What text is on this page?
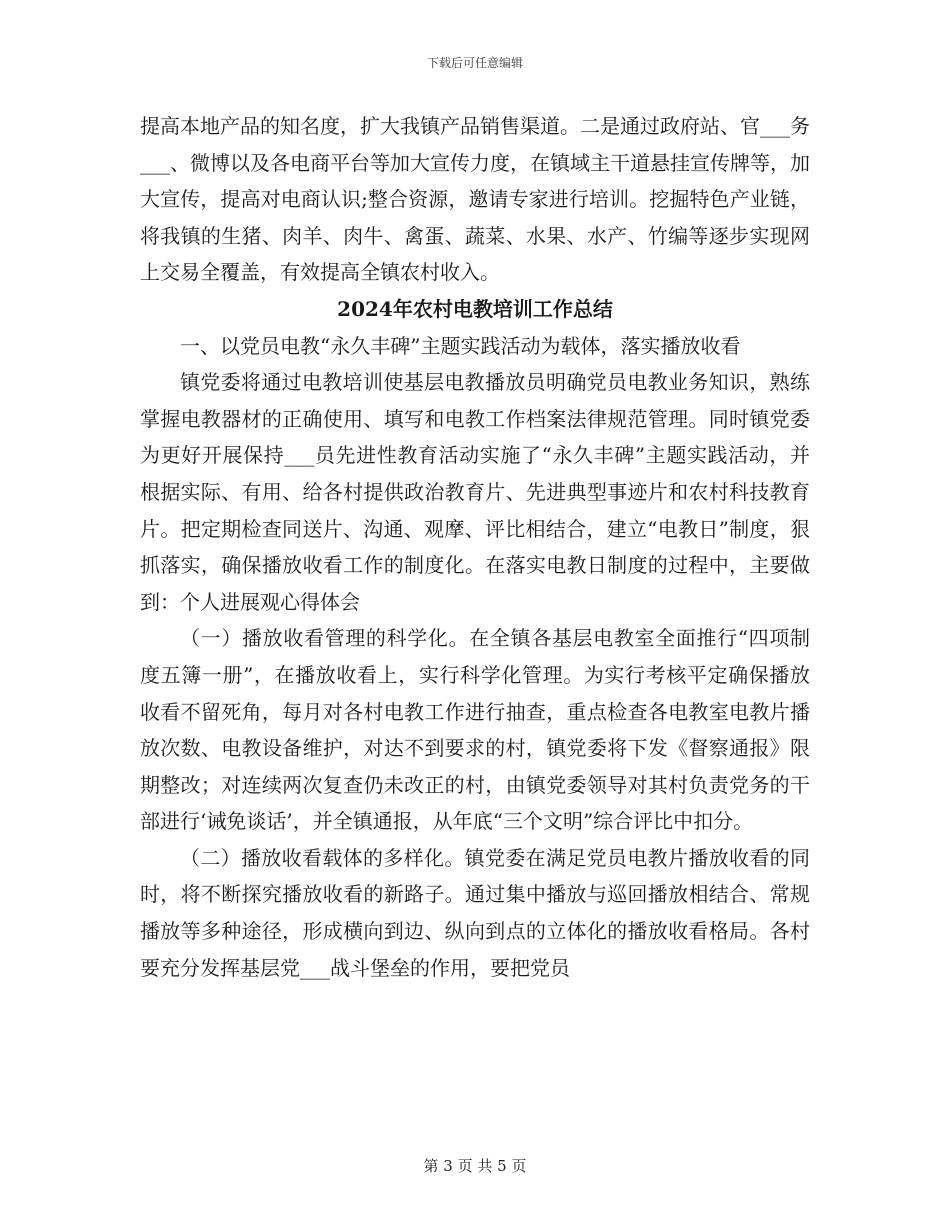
下载后可任意编辑

提高本地产品的知名度，扩大我镇产品销售渠道。二是通过政府站、官___务___、微博以及各电商平台等加大宣传力度，在镇域主干道悬挂宣传牌等，加大宣传，提高对电商认识;整合资源，邀请专家进行培训。挖掘特色产业链，将我镇的生猪、肉羊、肉牛、禽蛋、蔬菜、水果、水产、竹编等逐步实现网上交易全覆盖，有效提高全镇农村收入。

2024年农村电教培训工作总结

一、以党员电教“永久丰碑”主题实践活动为载体，落实播放收看

镇党委将通过电教培训使基层电教播放员明确党员电教业务知识，熟练掌握电教器材的正确使用、填写和电教工作档案法律规范管理。同时镇党委为更好开展保持___员先进性教育活动实施了“永久丰碑”主题实践活动，并根据实际、有用、给各村提供政治教育片、先进典型事迹片和农村科技教育片。把定期检查同送片、沟通、观摩、评比相结合，建立“电教日”制度，狠抓落实，确保播放收看工作的制度化。在落实电教日制度的过程中，主要做到：个人进展观心得体会

（一）播放收看管理的科学化。在全镇各基层电教室全面推行“四项制度五簿一册”，在播放收看上，实行科学化管理。为实行考核平定确保播放收看不留死角，每月对各村电教工作进行抽查，重点检查各电教室电教片播放次数、电教设备维护，对达不到要求的村，镇党委将下发《督察通报》限期整改；对连续两次复查仍未改正的村，由镇党委领导对其村负责党务的干部进行‘诫免谈话’，并全镇通报，从年底“三个文明”综合评比中扣分。

（二）播放收看载体的多样化。镇党委在满足党员电教片播放收看的同时，将不断探究播放收看的新路子。通过集中播放与巡回播放相结合、常规播放等多种途径，形成横向到边、纵向到点的立体化的播放收看格局。各村要充分发挥基层党___战斗堡垒的作用，要把党员

第 3 页 共 5 页
